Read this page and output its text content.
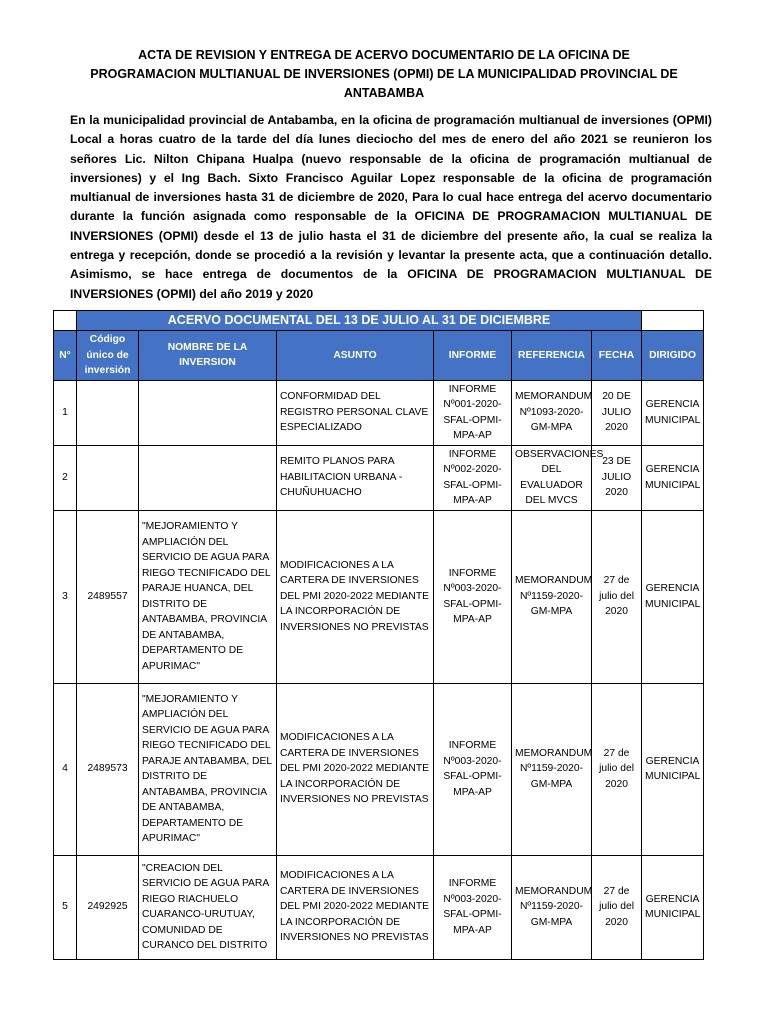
ACTA DE REVISION Y ENTREGA DE ACERVO DOCUMENTARIO DE LA OFICINA DE
PROGRAMACION MULTIANUAL DE INVERSIONES (OPMI) DE LA MUNICIPALIDAD PROVINCIAL DE
ANTABAMBA
En la municipalidad provincial de Antabamba, en la oficina de programación multianual de inversiones (OPMI) Local a horas cuatro de la tarde del día lunes dieciocho del mes de enero del año 2021 se reunieron los señores Lic. Nilton Chipana Hualpa (nuevo responsable de la oficina de programación multianual de inversiones) y el Ing Bach. Sixto Francisco Aguilar Lopez responsable de la oficina de programación multianual de inversiones hasta 31 de diciembre de 2020, Para lo cual hace entrega del acervo documentario durante la función asignada como responsable de la OFICINA DE PROGRAMACION MULTIANUAL DE INVERSIONES (OPMI) desde el 13 de julio hasta el 31 de diciembre del presente año, la cual se realiza la entrega y recepción, donde se procedió a la revisión y levantar la presente acta, que a continuación detallo. Asimismo, se hace entrega de documentos de la OFICINA DE PROGRAMACION MULTIANUAL DE INVERSIONES (OPMI) del año 2019 y 2020
	ACERVO DOCUMENTAL DEL 13 DE JULIO AL 31 DE DICIEMBRE						
N°	Código único de inversión	NOMBRE DE LA INVERSION	ASUNTO	INFORME	REFERENCIA	FECHA	DIRIGIDO
1			CONFORMIDAD DEL REGISTRO PERSONAL CLAVE ESPECIALIZADO	INFORME Nº001-2020-SFAL-OPMI-MPA-AP	MEMORANDUM Nº1093-2020-GM-MPA	20 DE JULIO 2020	GERENCIA MUNICIPAL
2			REMITO PLANOS PARA HABILITACION URBANA -CHUÑUHUACHO	INFORME Nº002-2020-SFAL-OPMI-MPA-AP	OBSERVACIONES DEL EVALUADOR DEL MVCS	23 DE JULIO 2020	GERENCIA MUNICIPAL
3	2489557	"MEJORAMIENTO Y AMPLIACIÓN DEL SERVICIO DE AGUA PARA RIEGO TECNIFICADO DEL PARAJE HUANCA, DEL DISTRITO DE ANTABAMBA, PROVINCIA DE ANTABAMBA, DEPARTAMENTO DE APURIMAC"	MODIFICACIONES A LA CARTERA DE INVERSIONES DEL PMI 2020-2022 MEDIANTE LA INCORPORACIÓN DE INVERSIONES NO PREVISTAS	INFORME Nº003-2020-SFAL-OPMI-MPA-AP	MEMORANDUM Nº1159-2020-GM-MPA	27 de julio del 2020	GERENCIA MUNICIPAL
4	2489573	"MEJORAMIENTO Y AMPLIACIÓN DEL SERVICIO DE AGUA PARA RIEGO TECNIFICADO DEL PARAJE ANTABAMBA, DEL DISTRITO DE ANTABAMBA, PROVINCIA DE ANTABAMBA, DEPARTAMENTO DE APURIMAC"	MODIFICACIONES A LA CARTERA DE INVERSIONES DEL PMI 2020-2022 MEDIANTE LA INCORPORACIÓN DE INVERSIONES NO PREVISTAS	INFORME Nº003-2020-SFAL-OPMI-MPA-AP	MEMORANDUM Nº1159-2020-GM-MPA	27 de julio del 2020	GERENCIA MUNICIPAL
5	2492925	"CREACION DEL SERVICIO DE AGUA PARA RIEGO RIACHUELO CUARANCO-URUTUAY, COMUNIDAD DE CURANCO DEL DISTRITO	MODIFICACIONES A LA CARTERA DE INVERSIONES DEL PMI 2020-2022 MEDIANTE LA INCORPORACIÓN DE INVERSIONES NO PREVISTAS	INFORME Nº003-2020-SFAL-OPMI-MPA-AP	MEMORANDUM Nº1159-2020-GM-MPA	27 de julio del 2020	GERENCIA MUNICIPAL
